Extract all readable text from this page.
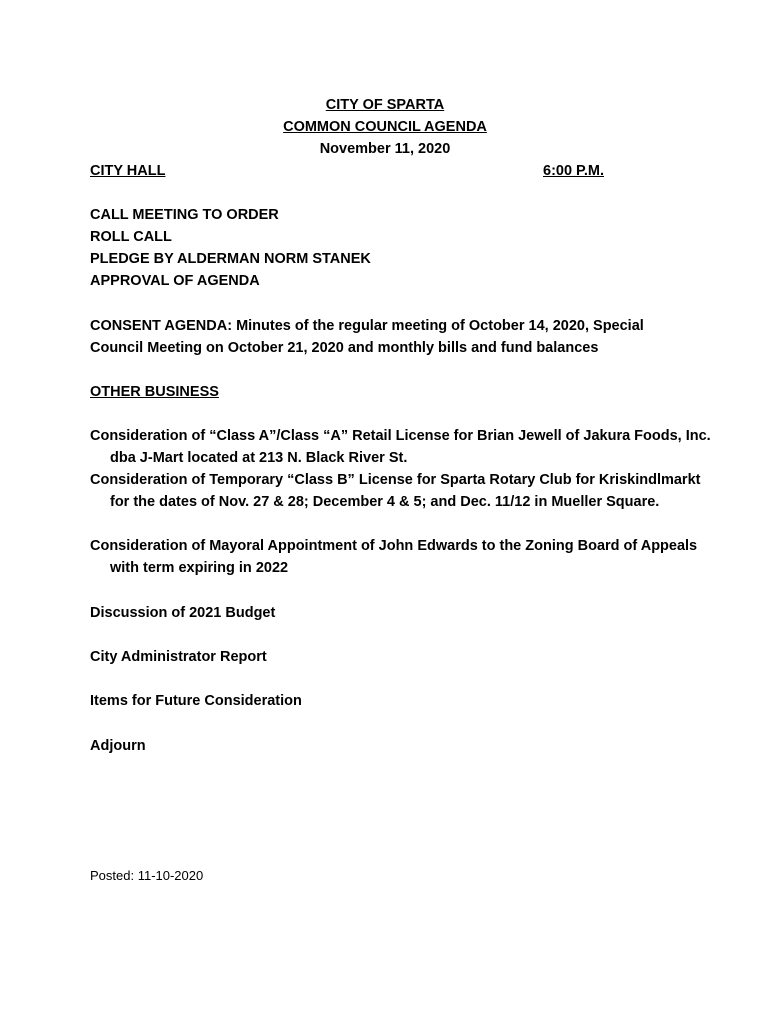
CITY OF SPARTA
COMMON COUNCIL AGENDA
November 11, 2020
CITY HALL	6:00 P.M.
CALL MEETING TO ORDER
ROLL CALL
PLEDGE BY ALDERMAN NORM STANEK
APPROVAL OF AGENDA
CONSENT AGENDA: Minutes of the regular meeting of October 14, 2020, Special
Council Meeting on October 21, 2020 and monthly bills and fund balances
OTHER BUSINESS
Consideration of “Class A”/Class “A” Retail License for Brian Jewell of Jakura Foods, Inc. dba J-Mart located at 213 N. Black River St.
Consideration of Temporary “Class B” License for Sparta Rotary Club for Kriskindlmarkt for the dates of Nov. 27 & 28; December 4 & 5; and Dec. 11/12 in Mueller Square.
Consideration of Mayoral Appointment of John Edwards to the Zoning Board of Appeals with term expiring in 2022
Discussion of 2021 Budget
City Administrator Report
Items for Future Consideration
Adjourn
Posted: 11-10-2020
